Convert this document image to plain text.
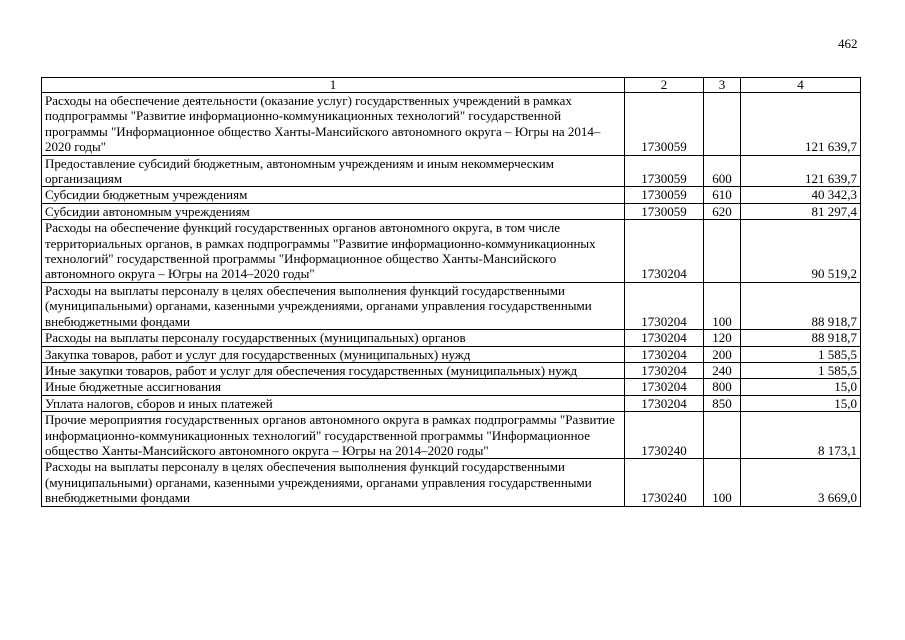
462
1	2	3	4
Расходы на обеспечение деятельности (оказание услуг) государственных учреждений в рамках подпрограммы "Развитие информационно-коммуникационных технологий" государственной программы "Информационное общество Ханты-Мансийского автономного округа – Югры на 2014–2020 годы"	1730059		121 639,7
Предоставление субсидий бюджетным, автономным учреждениям и иным некоммерческим организациям	1730059	600	121 639,7
Субсидии бюджетным учреждениям	1730059	610	40 342,3
Субсидии автономным учреждениям	1730059	620	81 297,4
Расходы на обеспечение функций государственных органов автономного округа, в том числе территориальных органов, в рамках подпрограммы "Развитие информационно-коммуникационных технологий" государственной программы "Информационное общество Ханты-Мансийского автономного округа – Югры на 2014–2020 годы"	1730204		90 519,2
Расходы на выплаты персоналу в целях обеспечения выполнения функций государственными (муниципальными) органами, казенными учреждениями, органами управления государственными внебюджетными фондами	1730204	100	88 918,7
Расходы на выплаты персоналу государственных (муниципальных) органов	1730204	120	88 918,7
Закупка товаров, работ и услуг для государственных (муниципальных) нужд	1730204	200	1 585,5
Иные закупки товаров, работ и услуг для обеспечения государственных (муниципальных) нужд	1730204	240	1 585,5
Иные бюджетные ассигнования	1730204	800	15,0
Уплата налогов, сборов и иных платежей	1730204	850	15,0
Прочие мероприятия государственных органов автономного округа в рамках подпрограммы "Развитие информационно-коммуникационных технологий" государственной программы "Информационное общество Ханты-Мансийского автономного округа – Югры на 2014–2020 годы"	1730240		8 173,1
Расходы на выплаты персоналу в целях обеспечения выполнения функций государственными (муниципальными) органами, казенными учреждениями, органами управления государственными внебюджетными фондами	1730240	100	3 669,0
